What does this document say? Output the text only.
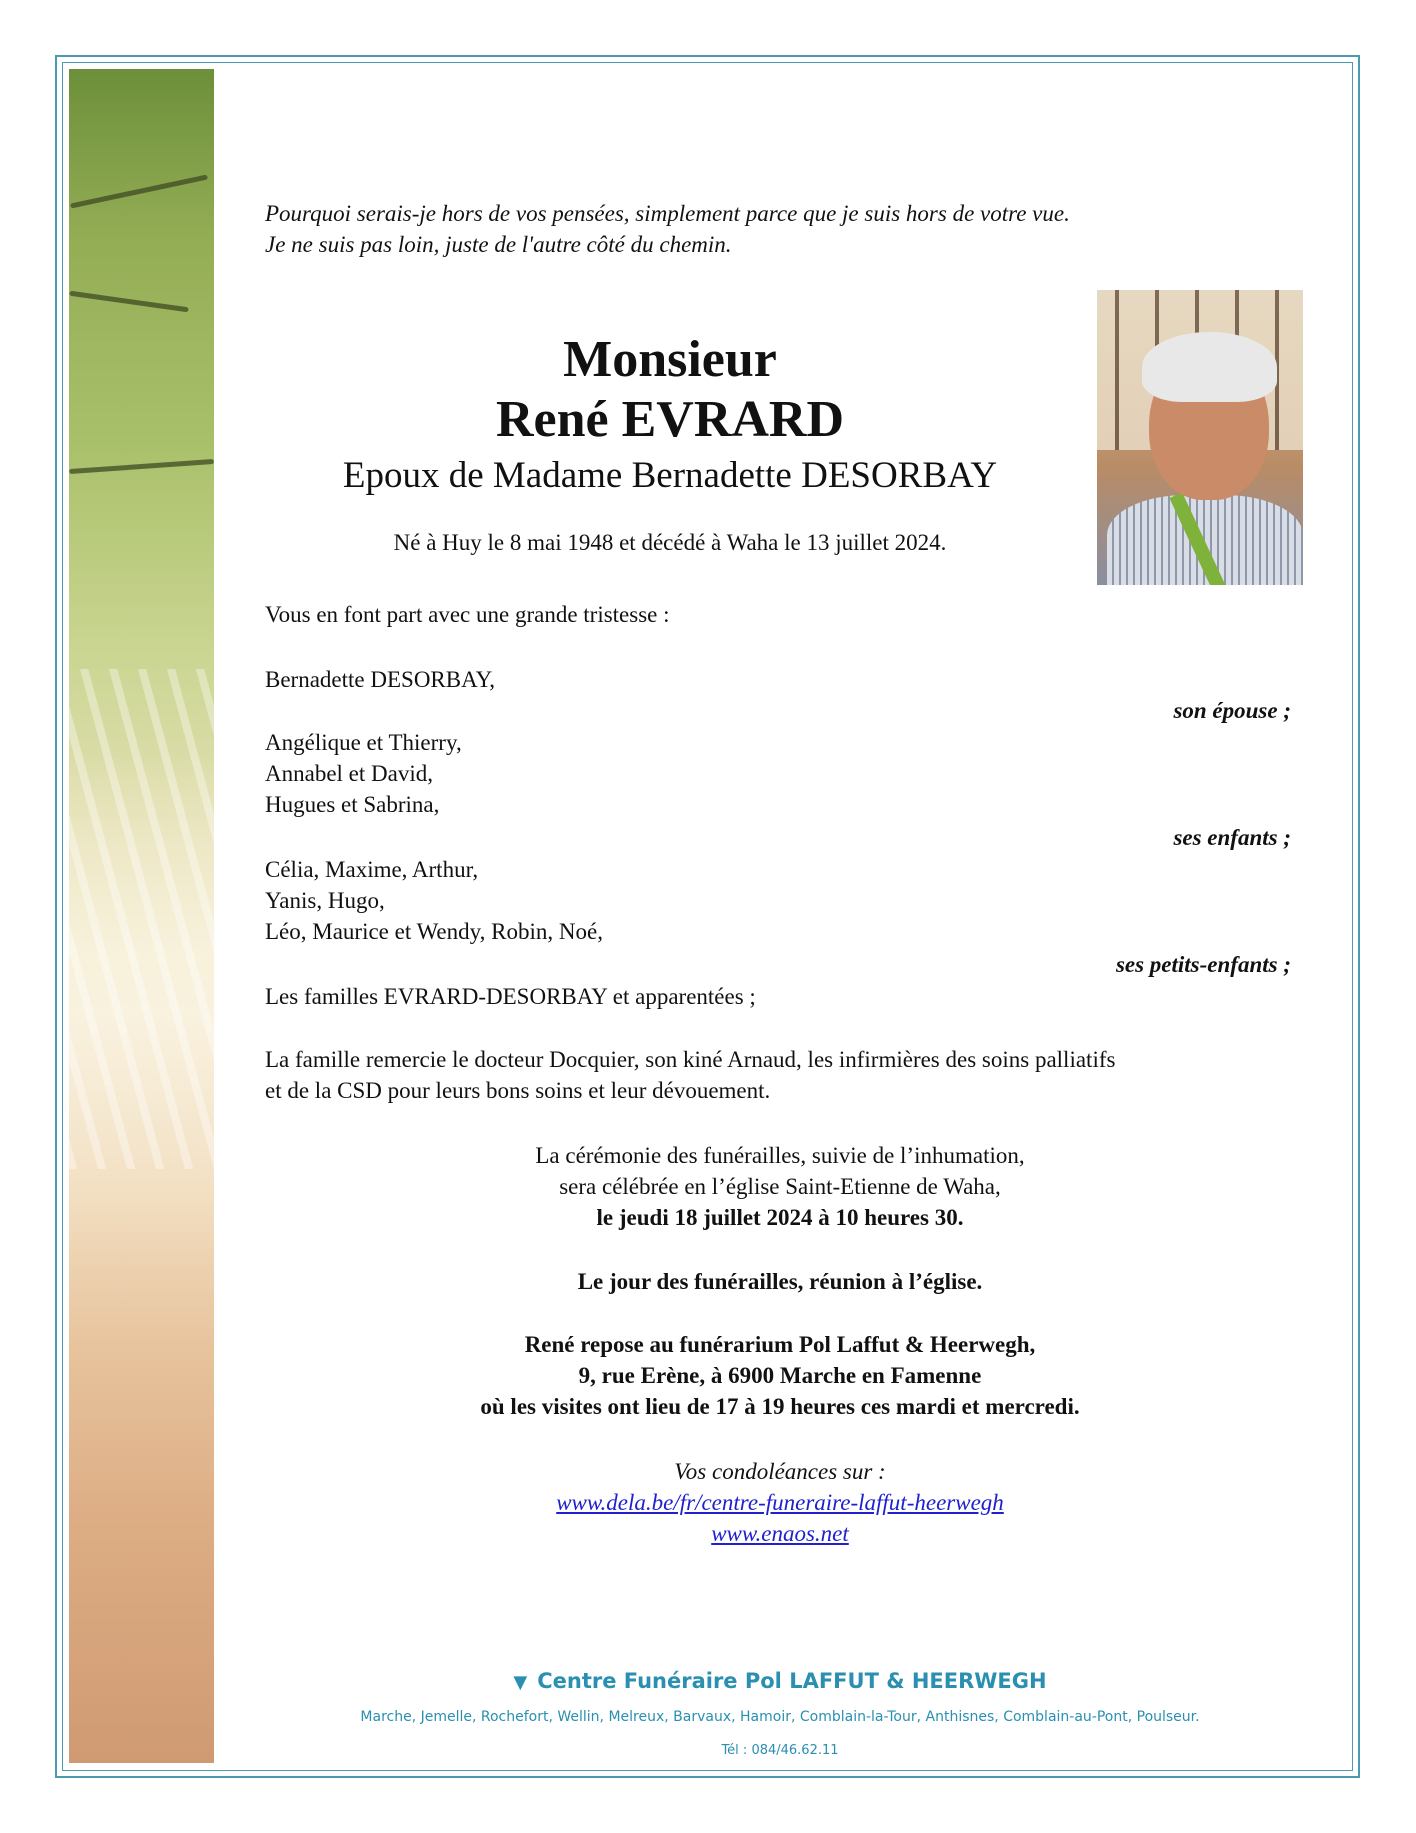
Pourquoi serais-je hors de vos pensées, simplement parce que je suis hors de votre vue.
Je ne suis pas loin, juste de l'autre côté du chemin.
Monsieur
René EVRARD
Epoux de Madame Bernadette DESORBAY
Né à Huy le 8 mai 1948 et décédé à Waha le 13 juillet 2024.
Vous en font part avec une grande tristesse :
Bernadette DESORBAY,
son épouse ;
Angélique et Thierry,
Annabel et David,
Hugues et Sabrina,
ses enfants ;
Célia, Maxime, Arthur,
Yanis, Hugo,
Léo, Maurice et Wendy, Robin, Noé,
ses petits-enfants ;
Les familles EVRARD-DESORBAY et apparentées ;
La famille remercie le docteur Docquier, son kiné Arnaud, les infirmières des soins palliatifs
et de la CSD pour leurs bons soins et leur dévouement.
La cérémonie des funérailles, suivie de l’inhumation,
sera célébrée en l’église Saint-Etienne de Waha,
le jeudi 18 juillet 2024 à 10 heures 30.
Le jour des funérailles, réunion à l’église.
René repose au funérarium Pol Laffut & Heerwegh,
9, rue Erène, à 6900 Marche en Famenne
où les visites ont lieu de 17 à 19 heures ces mardi et mercredi.
Vos condoléances sur :
www.dela.be/fr/centre-funeraire-laffut-heerwegh
www.enaos.net
▼ Centre Funéraire Pol LAFFUT & HEERWEGH
Marche, Jemelle, Rochefort, Wellin, Melreux, Barvaux, Hamoir, Comblain-la-Tour, Anthisnes, Comblain-au-Pont, Poulseur.
Tél : 084/46.62.11
